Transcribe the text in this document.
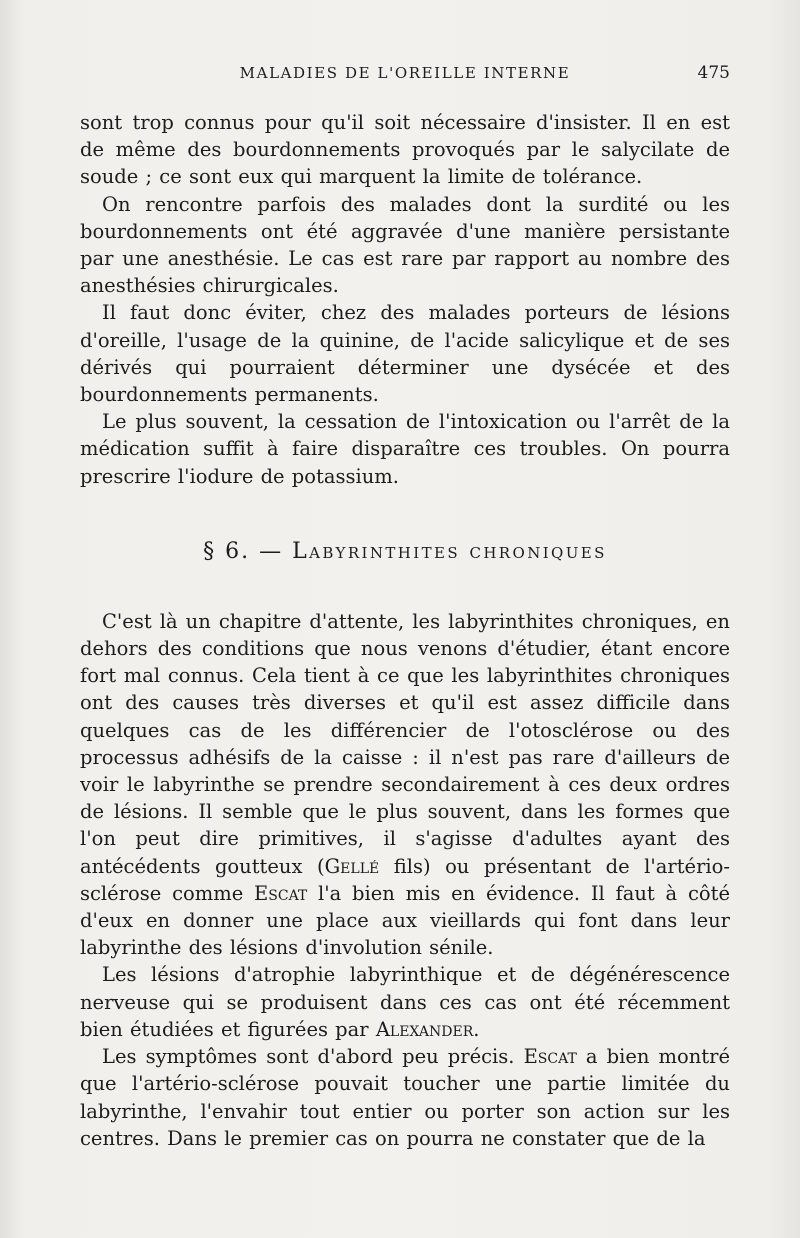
MALADIES DE L'OREILLE INTERNE	475

sont trop connus pour qu'il soit nécessaire d'insister. Il en est de même des bourdonnements provoqués par le salycilate de soude ; ce sont eux qui marquent la limite de tolérance.

On rencontre parfois des malades dont la surdité ou les bourdonnements ont été aggravée d'une manière persistante par une anesthésie. Le cas est rare par rapport au nombre des anesthésies chirurgicales.

Il faut donc éviter, chez des malades porteurs de lésions d'oreille, l'usage de la quinine, de l'acide salicylique et de ses dérivés qui pourraient déterminer une dysécée et des bourdonnements permanents.

Le plus souvent, la cessation de l'intoxication ou l'arrêt de la médication suffit à faire disparaître ces troubles. On pourra prescrire l'iodure de potassium.

§ 6. — Labyrinthites chroniques

C'est là un chapitre d'attente, les labyrinthites chroniques, en dehors des conditions que nous venons d'étudier, étant encore fort mal connus. Cela tient à ce que les labyrinthites chroniques ont des causes très diverses et qu'il est assez difficile dans quelques cas de les différencier de l'otosclérose ou des processus adhésifs de la caisse : il n'est pas rare d'ailleurs de voir le labyrinthe se prendre secondairement à ces deux ordres de lésions. Il semble que le plus souvent, dans les formes que l'on peut dire primitives, il s'agisse d'adultes ayant des antécédents goutteux (Gellé fils) ou présentant de l'artério-sclérose comme Escat l'a bien mis en évidence. Il faut à côté d'eux en donner une place aux vieillards qui font dans leur labyrinthe des lésions d'involution sénile.

Les lésions d'atrophie labyrinthique et de dégénérescence nerveuse qui se produisent dans ces cas ont été récemment bien étudiées et figurées par Alexander.

Les symptômes sont d'abord peu précis. Escat a bien montré que l'artério-sclérose pouvait toucher une partie limitée du labyrinthe, l'envahir tout entier ou porter son action sur les centres. Dans le premier cas on pourra ne constater que de la
